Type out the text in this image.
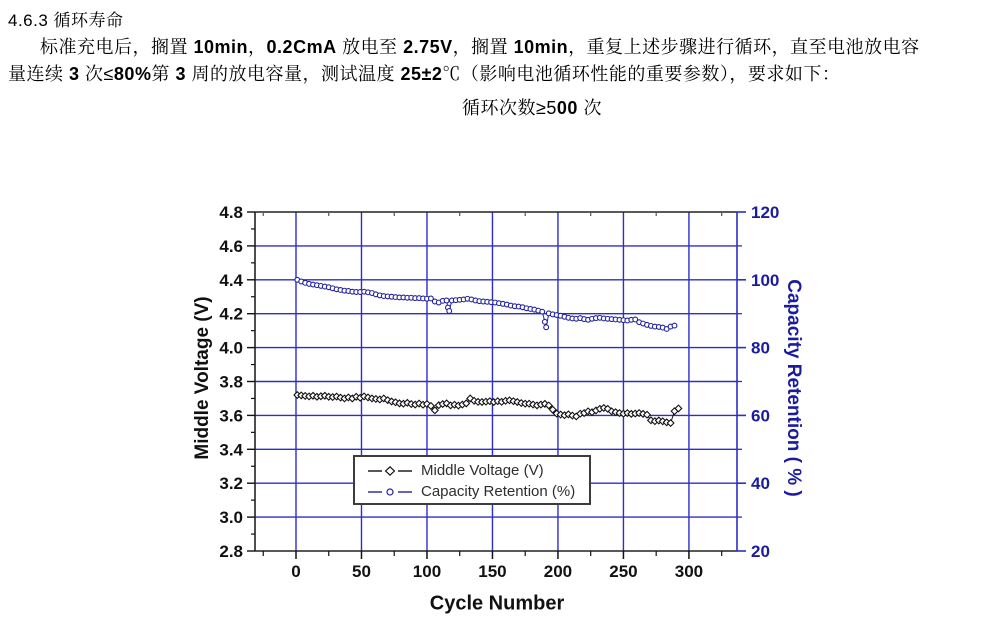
4.6.3 循环寿命
标准充电后，搁置 10min，0.2CmA 放电至 2.75V，搁置 10min，重复上述步骤进行循环，直至电池放电容
量连续 3 次≤80%第 3 周的放电容量，测试温度 25±2℃（影响电池循环性能的重要参数），要求如下：
循环次数≥500 次
2.8
3.0
3.2
3.4
3.6
3.8
4.0
4.2
4.4
4.6
4.8
20
40
60
80
100
120
0	50 100 150 200 250 300
Middle Voltage (V)	Capacity Retention ( % )
Cycle Number
Middle Voltage (V)
Capacity Retention (%)
